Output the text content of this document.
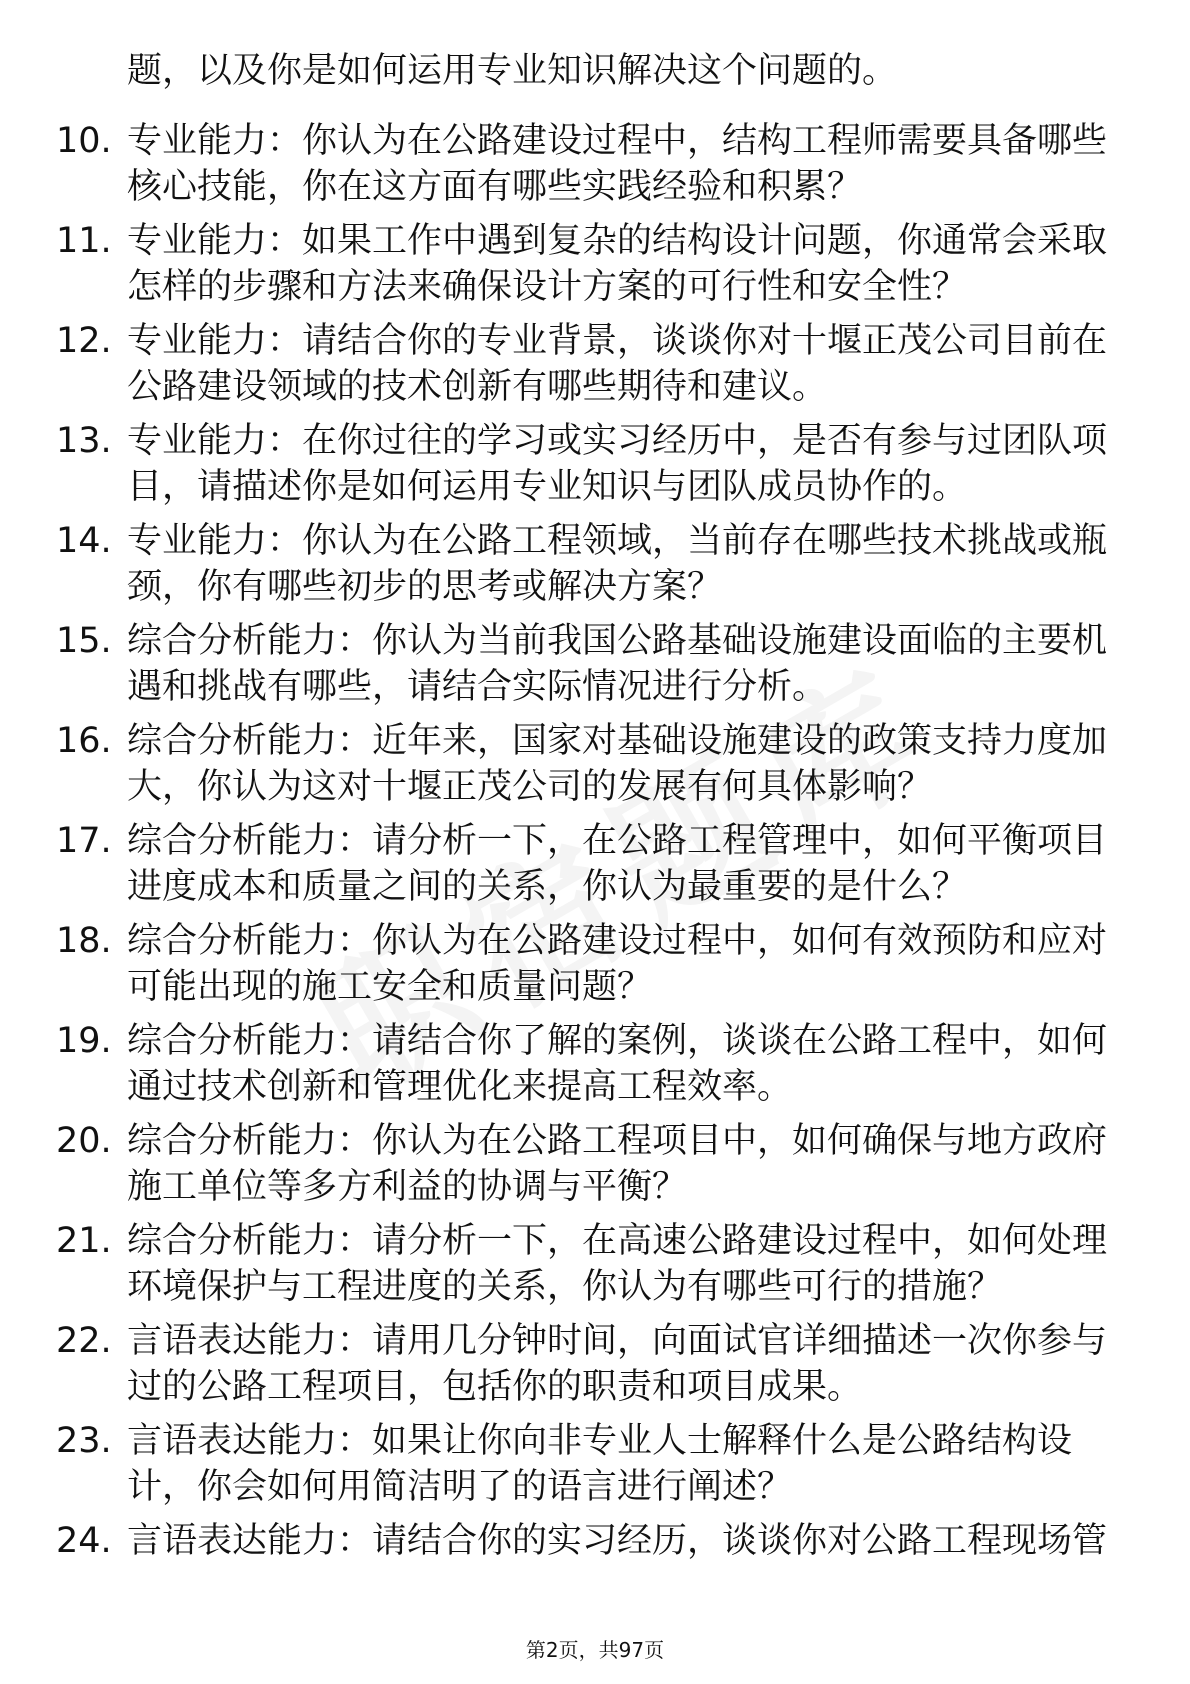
题，以及你是如何运用专业知识解决这个问题的。

10. 专业能力：你认为在公路建设过程中，结构工程师需要具备哪些核心技能，你在这方面有哪些实践经验和积累？

11. 专业能力：如果工作中遇到复杂的结构设计问题，你通常会采取怎样的步骤和方法来确保设计方案的可行性和安全性？

12. 专业能力：请结合你的专业背景，谈谈你对十堰正茂公司目前在公路建设领域的技术创新有哪些期待和建议。

13. 专业能力：在你过往的学习或实习经历中，是否有参与过团队项目，请描述你是如何运用专业知识与团队成员协作的。

14. 专业能力：你认为在公路工程领域，当前存在哪些技术挑战或瓶颈，你有哪些初步的思考或解决方案？

15. 综合分析能力：你认为当前我国公路基础设施建设面临的主要机遇和挑战有哪些，请结合实际情况进行分析。

16. 综合分析能力：近年来，国家对基础设施建设的政策支持力度加大，你认为这对十堰正茂公司的发展有何具体影响？

17. 综合分析能力：请分析一下，在公路工程管理中，如何平衡项目进度成本和质量之间的关系，你认为最重要的是什么？

18. 综合分析能力：你认为在公路建设过程中，如何有效预防和应对可能出现的施工安全和质量问题？

19. 综合分析能力：请结合你了解的案例，谈谈在公路工程中，如何通过技术创新和管理优化来提高工程效率。

20. 综合分析能力：你认为在公路工程项目中，如何确保与地方政府施工单位等多方利益的协调与平衡？

21. 综合分析能力：请分析一下，在高速公路建设过程中，如何处理环境保护与工程进度的关系，你认为有哪些可行的措施？

22. 言语表达能力：请用几分钟时间，向面试官详细描述一次你参与过的公路工程项目，包括你的职责和项目成果。

23. 言语表达能力：如果让你向非专业人士解释什么是公路结构设计，你会如何用简洁明了的语言进行阐述？

24. 言语表达能力：请结合你的实习经历，谈谈你对公路工程现场管

第2页，共97页
